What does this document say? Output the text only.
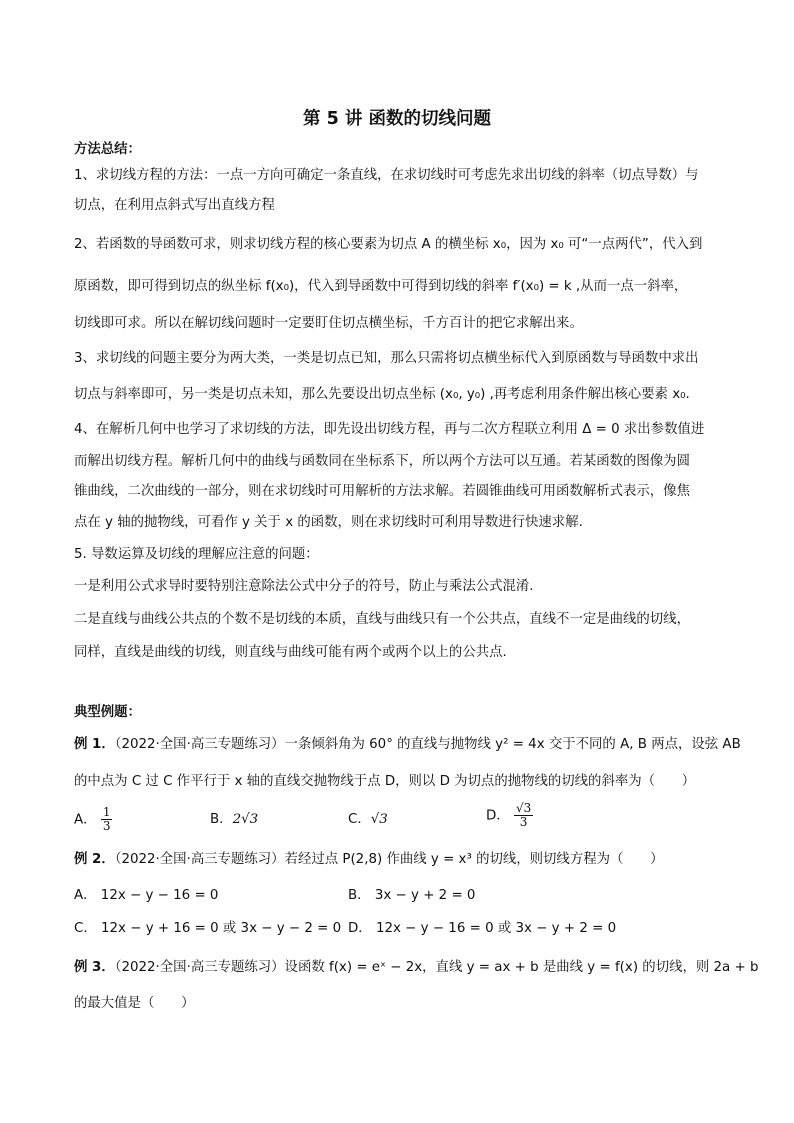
第 5 讲 函数的切线问题
方法总结：
1、求切线方程的方法：一点一方向可确定一条直线，在求切线时可考虑先求出切线的斜率（切点导数）与
切点，在利用点斜式写出直线方程
2、若函数的导函数可求，则求切线方程的核心要素为切点 A 的横坐标 x₀，因为 x₀ 可“一点两代”，代入到
原函数，即可得到切点的纵坐标 f(x₀)，代入到导函数中可得到切线的斜率 f′(x₀) = k ,从而一点一斜率，
切线即可求。所以在解切线问题时一定要盯住切点横坐标，千方百计的把它求解出来。
3、求切线的问题主要分为两大类，一类是切点已知，那么只需将切点横坐标代入到原函数与导函数中求出
切点与斜率即可，另一类是切点未知，那么先要设出切点坐标 (x₀, y₀) ,再考虑利用条件解出核心要素 x₀.
4、在解析几何中也学习了求切线的方法，即先设出切线方程，再与二次方程联立利用 Δ = 0 求出参数值进
而解出切线方程。解析几何中的曲线与函数同在坐标系下，所以两个方法可以互通。若某函数的图像为圆
锥曲线，二次曲线的一部分，则在求切线时可用解析的方法求解。若圆锥曲线可用函数解析式表示，像焦
点在 y 轴的抛物线，可看作 y 关于 x 的函数，则在求切线时可利用导数进行快速求解.
5. 导数运算及切线的理解应注意的问题：
一是利用公式求导时要特别注意除法公式中分子的符号，防止与乘法公式混淆.
二是直线与曲线公共点的个数不是切线的本质，直线与曲线只有一个公共点，直线不一定是曲线的切线，
同样，直线是曲线的切线，则直线与曲线可能有两个或两个以上的公共点.
典型例题：
例 1．（2022·全国·高三专题练习）一条倾斜角为 60° 的直线与抛物线 y² = 4x 交于不同的 A, B 两点，设弦 AB
的中点为 C 过 C 作平行于 x 轴的直线交抛物线于点 D，则以 D 为切点的抛物线的切线的斜率为（　　）
A． $\frac{1}{3}$	B．2√3	C．√3	D． $\frac{√3}{3}$
例 2．（2022·全国·高三专题练习）若经过点 P(2,8) 作曲线 y = x³ 的切线，则切线方程为（　　）
A． 12x − y − 16 = 0	B． 3x − y + 2 = 0
C． 12x − y + 16 = 0 或 3x − y − 2 = 0 D． 12x − y − 16 = 0 或 3x − y + 2 = 0
例 3．（2022·全国·高三专题练习）设函数 f(x) = eˣ − 2x，直线 y = ax + b 是曲线 y = f(x) 的切线，则 2a + b
的最大值是（　　）
